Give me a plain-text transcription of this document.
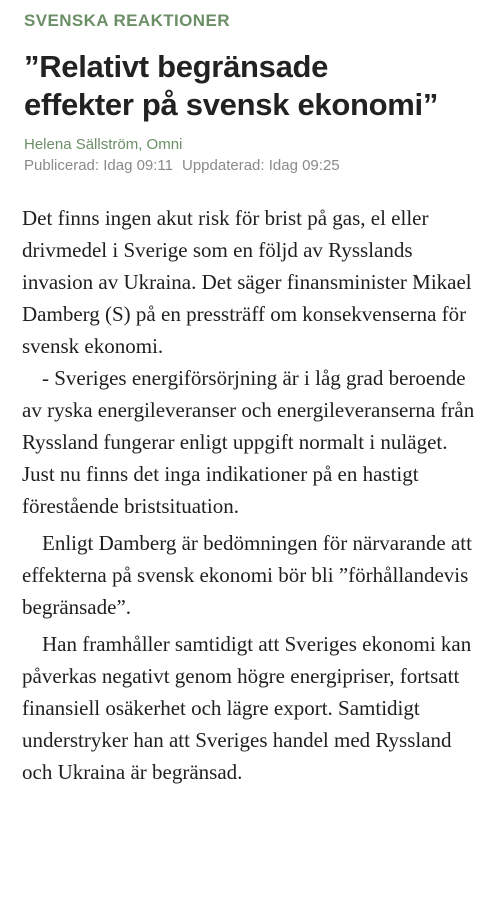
SVENSKA REAKTIONER
”Relativt begränsade
effekter på svensk ekonomi”
Helena Sällström, Omni
Publicerad: Idag 09:11 Uppdaterad: Idag 09:25

Det finns ingen akut risk för brist på gas, el eller drivmedel i Sverige som en följd av Rysslands invasion av Ukraina. Det säger finansminister Mikael Damberg (S) på en pressträff om konsekvenserna för svensk ekonomi.

- Sveriges energiförsörjning är i låg grad beroende av ryska energileveranser och energileveranserna från Ryssland fungerar enligt uppgift normalt i nuläget. Just nu finns det inga indikationer på en hastigt förestående bristsituation.

Enligt Damberg är bedömningen för närvarande att effekterna på svensk ekonomi bör bli ”förhållandevis begränsade”.

Han framhåller samtidigt att Sveriges ekonomi kan påverkas negativt genom högre energipriser, fortsatt finansiell osäkerhet och lägre export. Samtidigt understryker han att Sveriges handel med Ryssland och Ukraina är begränsad.
